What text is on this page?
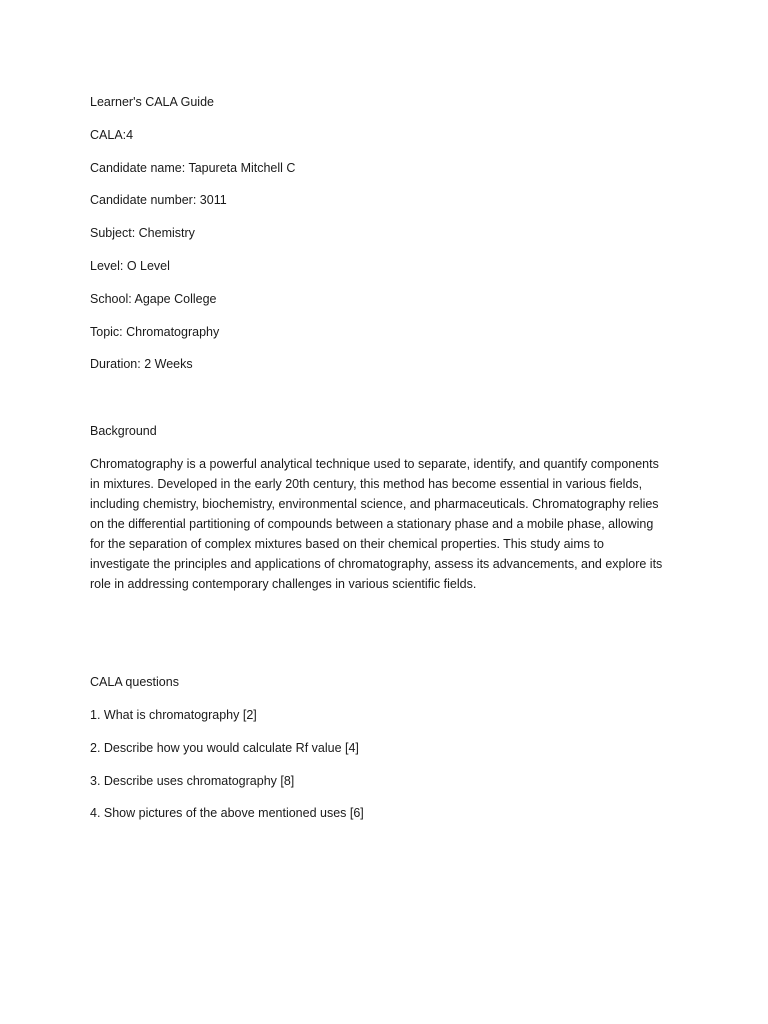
Learner's CALA Guide
CALA:4
Candidate name: Tapureta Mitchell C
Candidate number: 3011
Subject: Chemistry
Level: O Level
School: Agape College
Topic: Chromatography
Duration: 2 Weeks
Background
Chromatography is a powerful analytical technique used to separate, identify, and quantify components
in mixtures. Developed in the early 20th century, this method has become essential in various fields,
including chemistry, biochemistry, environmental science, and pharmaceuticals. Chromatography relies
on the differential partitioning of compounds between a stationary phase and a mobile phase, allowing
for the separation of complex mixtures based on their chemical properties. This study aims to
investigate the principles and applications of chromatography, assess its advancements, and explore its
role in addressing contemporary challenges in various scientific fields.
CALA questions
1. What is chromatography [2]
2. Describe how you would calculate Rf value [4]
3. Describe uses chromatography [8]
4. Show pictures of the above mentioned uses [6]
